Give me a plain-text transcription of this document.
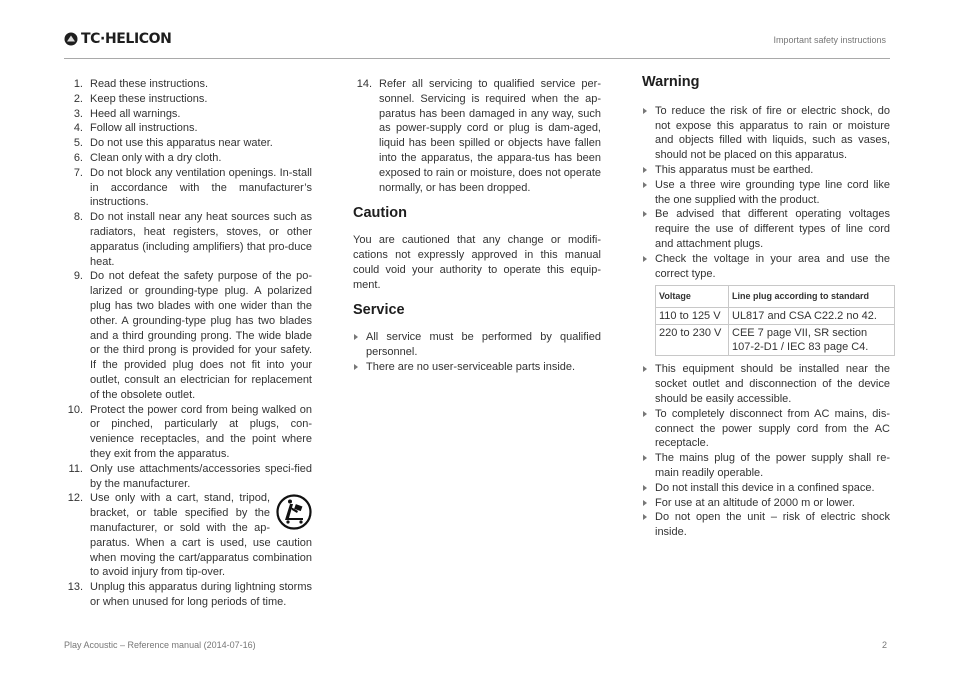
TC·HELICON	Important safety instructions
1. Read these instructions.
2. Keep these instructions.
3. Heed all warnings.
4. Follow all instructions.
5. Do not use this apparatus near water.
6. Clean only with a dry cloth.
7. Do not block any ventilation openings. In-stall in accordance with the manufacturer’s instructions.
8. Do not install near any heat sources such as radiators, heat registers, stoves, or other apparatus (including amplifiers) that pro-duce heat.
9. Do not defeat the safety purpose of the po-larized or grounding-type plug. A polarized plug has two blades with one wider than the other. A grounding-type plug has two blades and a third grounding prong. The wide blade or the third prong is provided for your safety. If the provided plug does not fit into your outlet, consult an electrician for replacement of the obsolete outlet.
10. Protect the power cord from being walked on or pinched, particularly at plugs, con-venience receptacles, and the point where they exit from the apparatus.
11. Only use attachments/accessories speci-fied by the manufacturer.
12. Use only with a cart, stand, tripod, bracket, or table specified by the manufacturer, or sold with the ap-paratus. When a cart is used, use caution when moving the cart/apparatus combination to avoid injury from tip-over.
13. Unplug this apparatus during lightning storms or when unused for long periods of time.
14. Refer all servicing to qualified service per-sonnel. Servicing is required when the ap-paratus has been damaged in any way, such as power-supply cord or plug is dam-aged, liquid has been spilled or objects have fallen into the apparatus, the appara-tus has been exposed to rain or moisture, does not operate normally, or has been dropped.
Caution

You are cautioned that any change or modifi-cations not expressly approved in this manual could void your authority to operate this equip-ment.

Service
All service must be performed by qualified personnel.
There are no user-serviceable parts inside.
Warning
To reduce the risk of fire or electric shock, do not expose this apparatus to rain or moisture and objects filled with liquids, such as vases, should not be placed on this apparatus.
This apparatus must be earthed.
Use a three wire grounding type line cord like the one supplied with the product.
Be advised that different operating voltages require the use of different types of line cord and attachment plugs.
Check the voltage in your area and use the correct type.
Voltage	Line plug according to standard
110 to 125 V	UL817 and CSA C22.2 no 42.
220 to 230 V	CEE 7 page VII, SR section 107-2-D1 / IEC 83 page C4.
This equipment should be installed near the socket outlet and disconnection of the device should be easily accessible.
To completely disconnect from AC mains, dis-connect the power supply cord from the AC receptacle.
The mains plug of the power supply shall re-main readily operable.
Do not install this device in a confined space.
For use at an altitude of 2000 m or lower.
Do not open the unit – risk of electric shock inside.
Play Acoustic – Reference manual (2014-07-16)	2
